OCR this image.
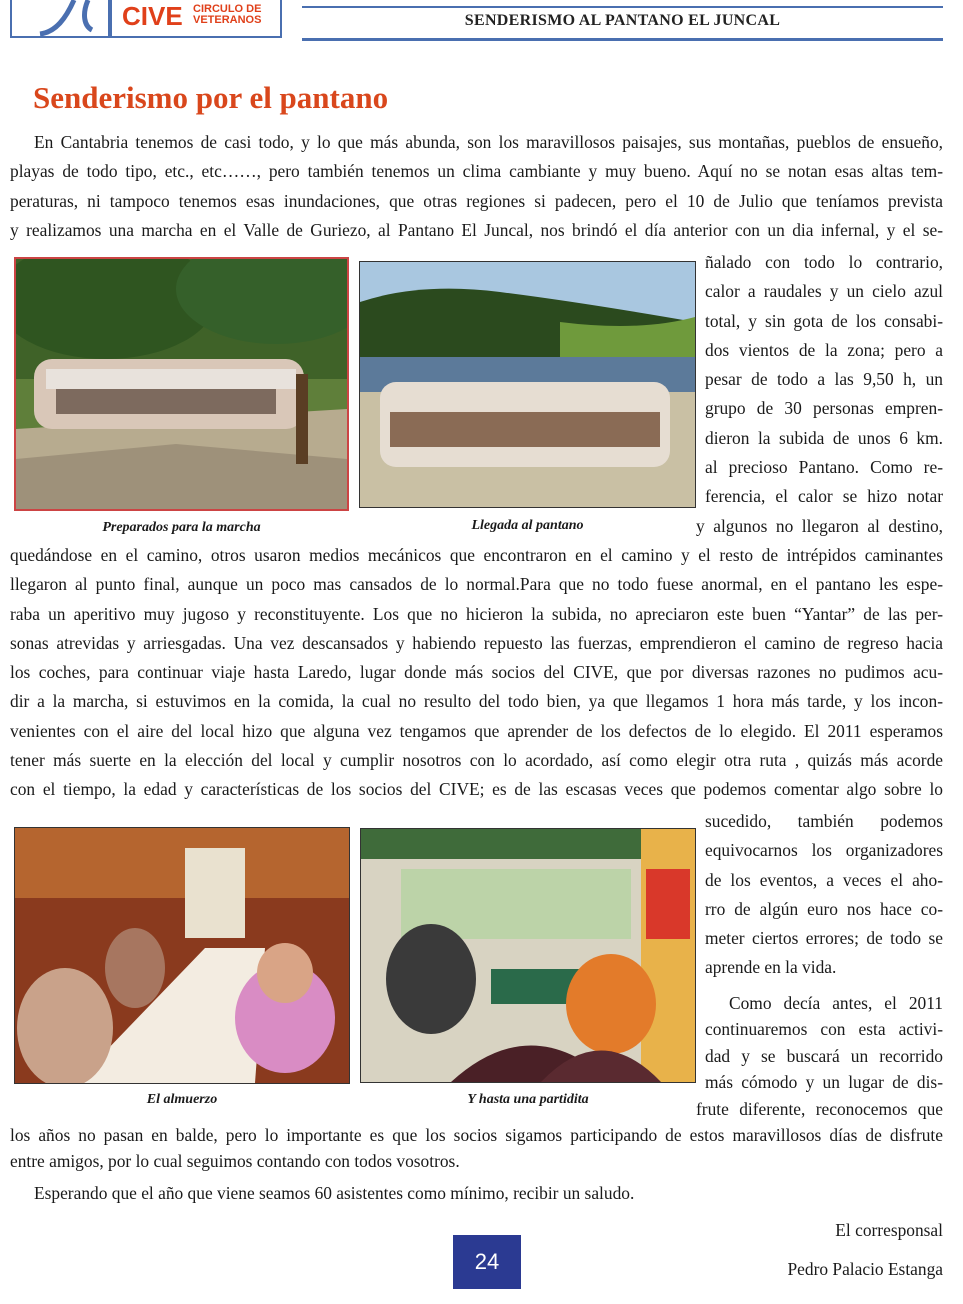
CIVE CIRCULO DE
VETERANOS	SENDERISMO AL PANTANO EL JUNCAL
Senderismo por el pantano
En Cantabria tenemos de casi todo, y lo que más abunda, son los maravillosos paisajes, sus montañas, pueblos de ensueño,
playas de todo tipo, etc., etc……, pero también tenemos un clima cambiante y muy bueno. Aquí no se notan esas altas tem-
peraturas, ni tampoco tenemos esas inundaciones, que otras regiones si padecen, pero el 10 de Julio que teníamos prevista
y realizamos una marcha en el Valle de Guriezo, al Pantano El Juncal, nos brindó el día anterior con un dia infernal, y el se-
Preparados para la marcha	Llegada al pantano
ñalado con todo lo contrario,
calor a raudales y un cielo azul
total, y sin gota de los consabi-
dos vientos de la zona; pero a
pesar de todo a las 9,50 h, un
grupo de 30 personas empren-
dieron la subida de unos 6 km.
al precioso Pantano. Como re-
ferencia, el calor se hizo notar
y algunos no llegaron al destino,
quedándose en el camino, otros usaron medios mecánicos que encontraron en el camino y el resto de intrépidos caminantes
llegaron al punto final, aunque un poco mas cansados de lo normal.Para que no todo fuese anormal, en el pantano les espe-
raba un aperitivo muy jugoso y reconstituyente. Los que no hicieron la subida, no apreciaron este buen “Yantar” de las per-
sonas atrevidas y arriesgadas. Una vez descansados y habiendo repuesto las fuerzas, emprendieron el camino de regreso hacia
los coches, para continuar viaje hasta Laredo, lugar donde más socios del CIVE, que por diversas razones no pudimos acu-
dir a la marcha, si estuvimos en la comida, la cual no resulto del todo bien, ya que llegamos 1 hora más tarde, y los incon-
venientes con el aire del local hizo que alguna vez tengamos que aprender de los defectos de lo elegido. El 2011 esperamos
tener más suerte en la elección del local y cumplir nosotros con lo acordado, así como elegir otra ruta , quizás más acorde
con el tiempo, la edad y características de los socios del CIVE; es de las escasas veces que podemos comentar algo sobre lo
El almuerzo	Y hasta una partidita
sucedido, también podemos
equivocarnos los organizadores
de los eventos, a veces el aho-
rro de algún euro nos hace co-
meter ciertos errores; de todo se
aprende en la vida.
Como decía antes, el 2011
continuaremos con esta activi-
dad y se buscará un recorrido
más cómodo y un lugar de dis-
frute diferente, reconocemos que
los años no pasan en balde, pero lo importante es que los socios sigamos participando de estos maravillosos días de disfrute
entre amigos, por lo cual seguimos contando con todos vosotros.
Esperando que el año que viene seamos 60 asistentes como mínimo, recibir un saludo.
El corresponsal
Pedro Palacio Estanga
24
